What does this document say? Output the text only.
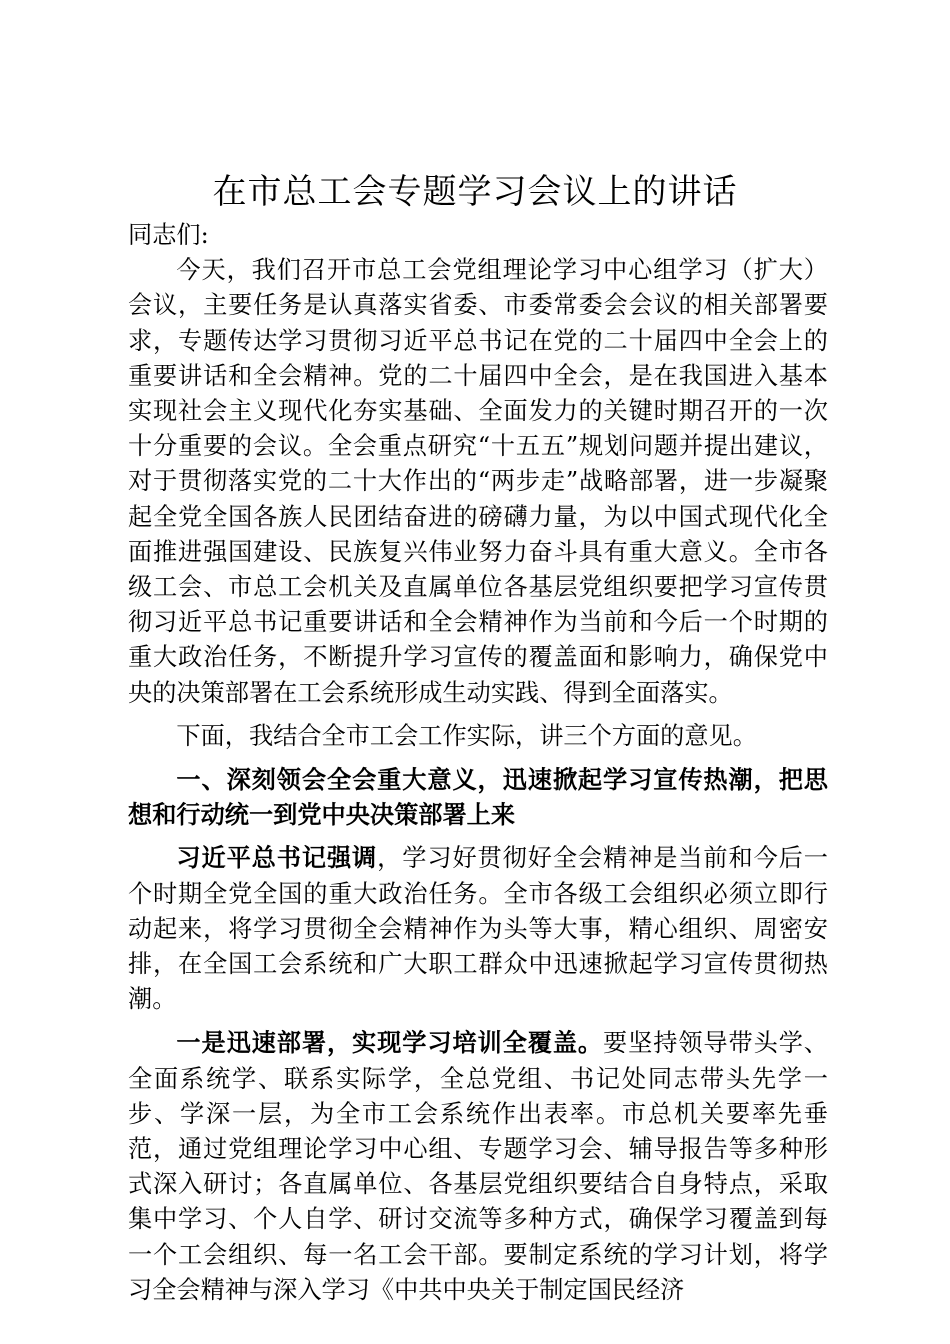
在市总工会专题学习会议上的讲话

同志们:

今天，我们召开市总工会党组理论学习中心组学习（扩大）会议，主要任务是认真落实省委、市委常委会会议的相关部署要求，专题传达学习贯彻习近平总书记在党的二十届四中全会上的重要讲话和全会精神。党的二十届四中全会，是在我国进入基本实现社会主义现代化夯实基础、全面发力的关键时期召开的一次十分重要的会议。全会重点研究“十五五”规划问题并提出建议，对于贯彻落实党的二十大作出的“两步走”战略部署，进一步凝聚起全党全国各族人民团结奋进的磅礴力量，为以中国式现代化全面推进强国建设、民族复兴伟业努力奋斗具有重大意义。全市各级工会、市总工会机关及直属单位各基层党组织要把学习宣传贯彻习近平总书记重要讲话和全会精神作为当前和今后一个时期的重大政治任务，不断提升学习宣传的覆盖面和影响力，确保党中央的决策部署在工会系统形成生动实践、得到全面落实。

下面，我结合全市工会工作实际，讲三个方面的意见。

一、深刻领会全会重大意义，迅速掀起学习宣传热潮，把思想和行动统一到党中央决策部署上来

习近平总书记强调，学习好贯彻好全会精神是当前和今后一个时期全党全国的重大政治任务。全市各级工会组织必须立即行动起来，将学习贯彻全会精神作为头等大事，精心组织、周密安排，在全国工会系统和广大职工群众中迅速掀起学习宣传贯彻热潮。

一是迅速部署，实现学习培训全覆盖。要坚持领导带头学、全面系统学、联系实际学，全总党组、书记处同志带头先学一步、学深一层，为全市工会系统作出表率。市总机关要率先垂范，通过党组理论学习中心组、专题学习会、辅导报告等多种形式深入研讨；各直属单位、各基层党组织要结合自身特点，采取集中学习、个人自学、研讨交流等多种方式，确保学习覆盖到每一个工会组织、每一名工会干部。要制定系统的学习计划，将学习全会精神与深入学习《中共中央关于制定国民经济
